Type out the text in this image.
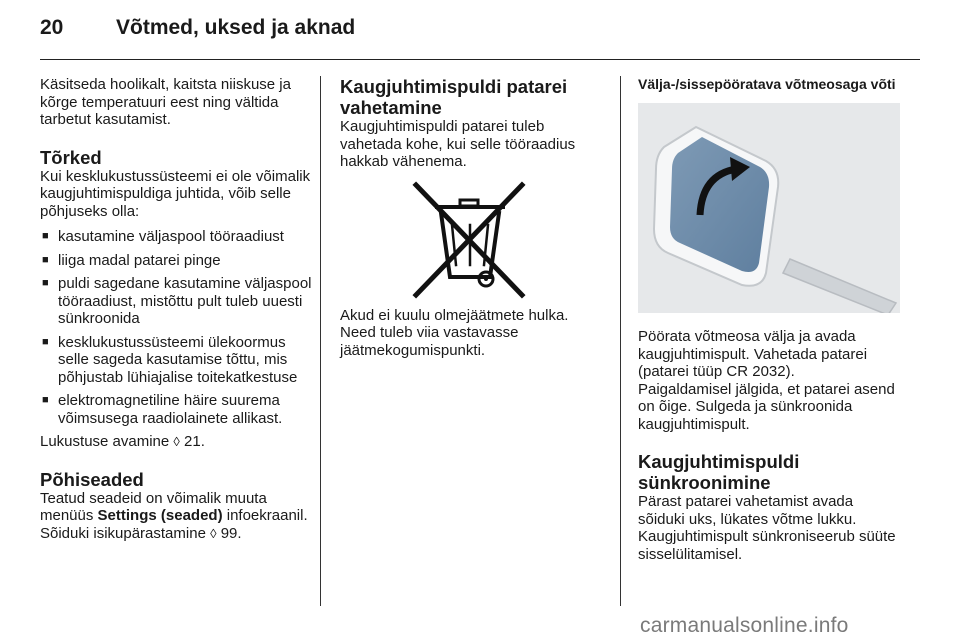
20	Võtmed, uksed ja aknad

Käsitseda hoolikalt, kaitsta niiskuse ja kõrge temperatuuri eest ning vältida tarbetut kasutamist.

Tõrked

Kui kesklukustussüsteemi ei ole võimalik kaugjuhtimispuldiga juhtida, võib selle põhjuseks olla:

■ kasutamine väljaspool tööraadiust
■ liiga madal patarei pinge
■ puldi sagedane kasutamine väljaspool tööraadiust, mistõttu pult tuleb uuesti sünkroonida
■ kesklukustussüsteemi ülekoormus selle sageda kasutamise tõttu, mis põhjustab lühiajalise toitekatkestuse
■ elektromagnetiline häire suurema võimsusega raadiolainete allikast.

Lukustuse avamine ◊ 21.

Põhiseaded

Teatud seadeid on võimalik muuta menüüs Settings (seaded) infoekraanil. Sõiduki isikupärastamine ◊ 99.

Kaugjuhtimispuldi patarei vahetamine

Kaugjuhtimispuldi patarei tuleb vahetada kohe, kui selle tööraadius hakkab vähenema.

Akud ei kuulu olmejäätmete hulka. Need tuleb viia vastavasse jäätmekogumispunkti.

Välja-/sissepööratava võtmeosaga võti

Pöörata võtmeosa välja ja avada kaugjuhtimispult. Vahetada patarei (patarei tüüp CR 2032).

Paigaldamisel jälgida, et patarei asend on õige. Sulgeda ja sünkroonida kaugjuhtimispult.

Kaugjuhtimispuldi sünkroonimine

Pärast patarei vahetamist avada sõiduki uks, lükates võtme lukku. Kaugjuhtimispult sünkroniseerub süüte sisselülitamisel.

carmanualsonline.info
